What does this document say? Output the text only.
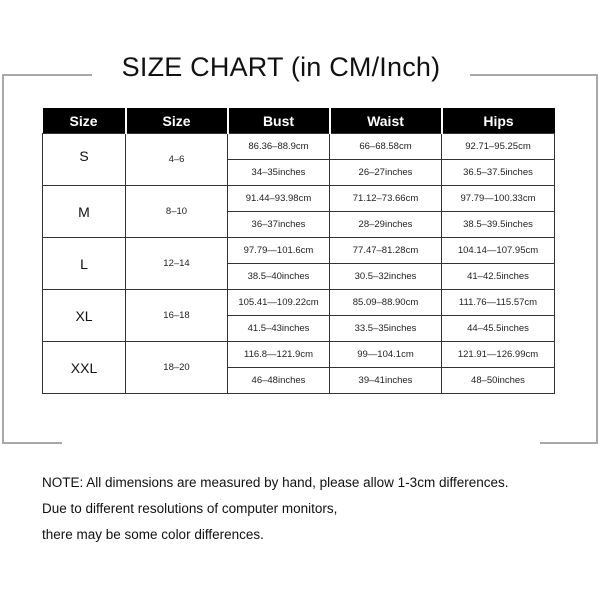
SIZE CHART (in CM/Inch)
Size	Size	Bust	Waist	Hips
S	4–6	86.36–88.9cm	66–68.58cm	92.71–95.25cm
		34–35inches	26–27inches	36.5–37.5inches
M	8–10	91.44–93.98cm	71.12–73.66cm	97.79—100.33cm
		36–37inches	28–29inches	38.5–39.5inches
L	12–14	97.79—101.6cm	77.47–81.28cm	104.14—107.95cm
		38.5–40inches	30.5–32inches	41–42.5inches
XL	16–18	105.41—109.22cm	85.09–88.90cm	111.76—115.57cm
		41.5–43inches	33.5–35inches	44–45.5inches
XXL	18–20	116.8—121.9cm	99—104.1cm	121.91—126.99cm
		46–48inches	39–41inches	48–50inches
NOTE: All dimensions are measured by hand, please allow 1-3cm differences.
Due to different resolutions of computer monitors,
there may be some color differences.
